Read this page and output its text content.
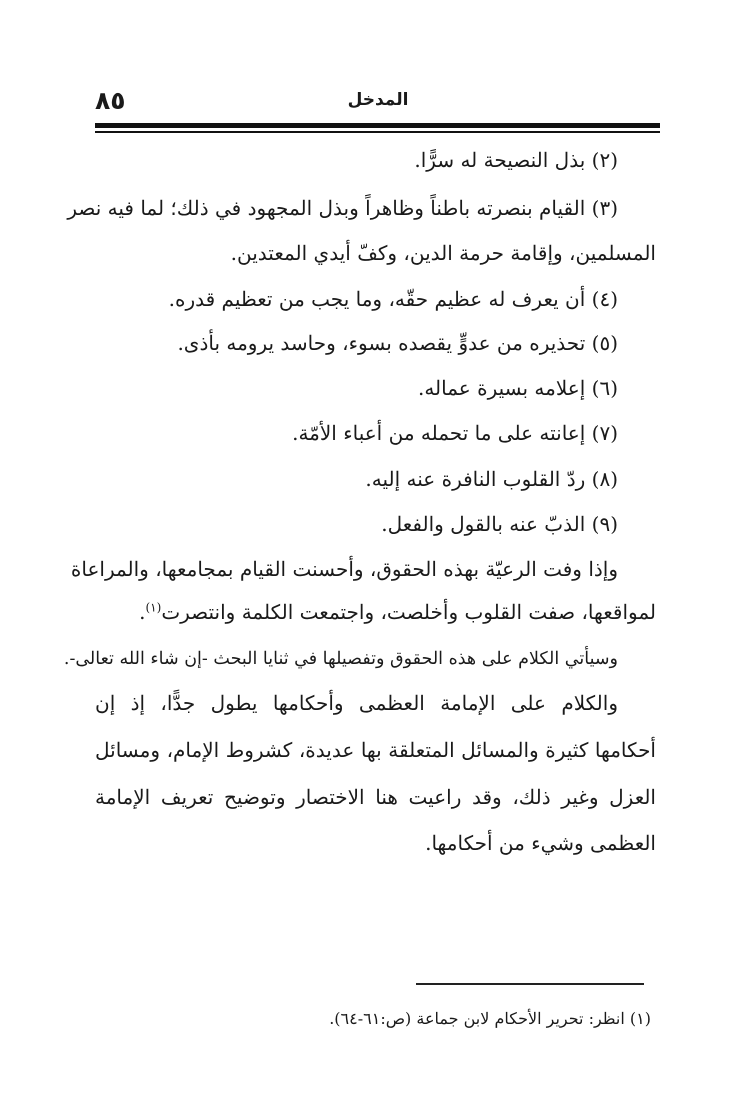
٨٥	المدخل
(٢) بذل النصيحة له سرًّا.
(٣) القيام بنصرته باطناً وظاهراً وبذل المجهود في ذلك؛ لما فيه نصر
المسلمين، وإقامة حرمة الدين، وكفّ أيدي المعتدين.
(٤) أن يعرف له عظيم حقّه، وما يجب من تعظيم قدره.
(٥) تحذيره من عدوٍّ يقصده بسوء، وحاسد يرومه بأذى.
(٦) إعلامه بسيرة عماله.
(٧) إعانته على ما تحمله من أعباء الأمّة.
(٨) ردّ القلوب النافرة عنه إليه.
(٩) الذبّ عنه بالقول والفعل.
وإذا وفت الرعيّة بهذه الحقوق، وأحسنت القيام بمجامعها، والمراعاة
لمواقعها، صفت القلوب وأخلصت، واجتمعت الكلمة وانتصرت$^{(١)}$.
وسيأتي الكلام على هذه الحقوق وتفصيلها في ثنايا البحث -إن شاء الله تعالى-.
والكلام على الإمامة العظمى وأحكامها يطول جدًّا، إذ إن
أحكامها كثيرة والمسائل المتعلقة بها عديدة، كشروط الإمام، ومسائل
العزل وغير ذلك، وقد راعيت هنا الاختصار وتوضيح تعريف الإمامة
العظمى وشيء من أحكامها.
(١) انظر: تحرير الأحكام لابن جماعة (ص:٦١-٦٤).
